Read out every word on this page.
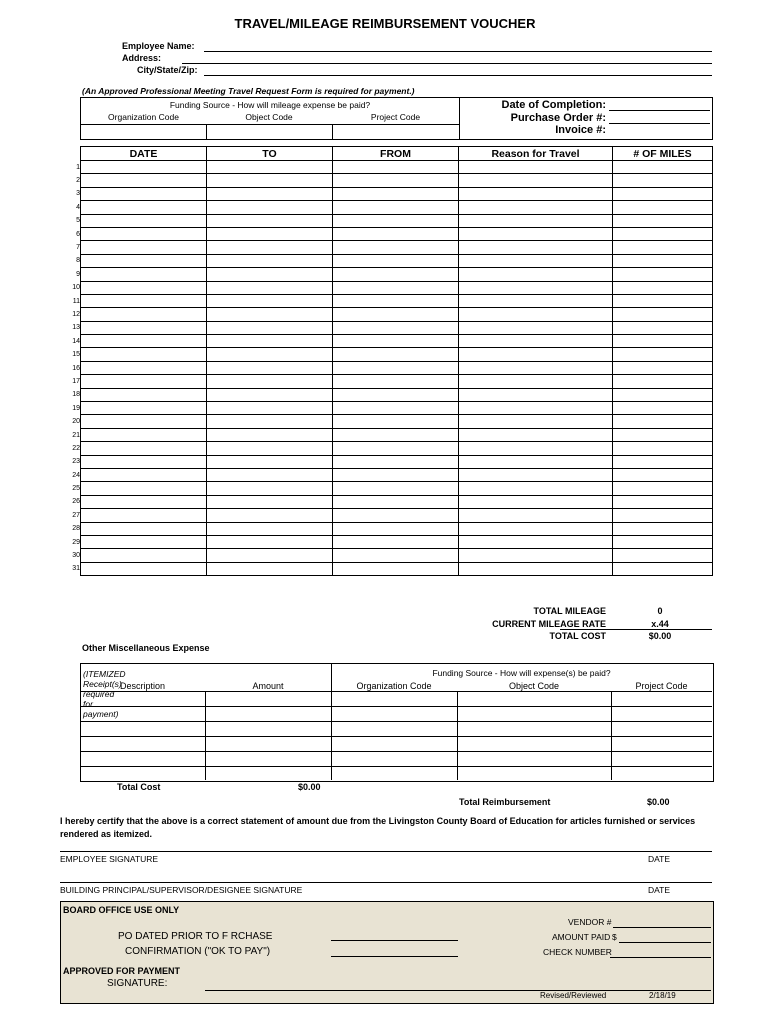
TRAVEL/MILEAGE REIMBURSEMENT VOUCHER
Employee Name:
Address:
City/State/Zip:
(An Approved Professional Meeting Travel Request Form is required for payment.)
Funding Source - How will mileage expense be paid?
Organization Code	Object Code	Project Code
Date of Completion:
Purchase Order #:
Invoice #:
	DATE	TO	FROM	Reason for Travel	# OF MILES
1					
2					
3					
4					
5					
6					
7					
8					
9					
10					
11					
12					
13					
14					
15					
16					
17					
18					
19					
20					
21					
22					
23					
24					
25					
26					
27					
28					
29					
30					
31					
TOTAL MILEAGE	0
CURRENT MILEAGE RATE	x.44
TOTAL COST	$0.00
Other Miscellaneous Expense
(ITEMIZED Receipt(s) required for payment)
Funding Source - How will expense(s) be paid?
Description	Amount	Organization Code	Object Code	Project Code
Total Cost	$0.00
Total Reimbursement	$0.00
I hereby certify that the above is a correct statement of amount due from the Livingston County Board of Education for articles furnished or services rendered as itemized.
EMPLOYEE SIGNATURE	DATE
BUILDING PRINCIPAL/SUPERVISOR/DESIGNEE SIGNATURE	DATE
BOARD OFFICE USE ONLY
VENDOR #
PO DATED PRIOR TO F RCHASE	AMOUNT PAID $
CONFIRMATION ("OK TO PAY")	CHECK NUMBER
APPROVED FOR PAYMENT
SIGNATURE:
Revised/Reviewed	2/18/19
